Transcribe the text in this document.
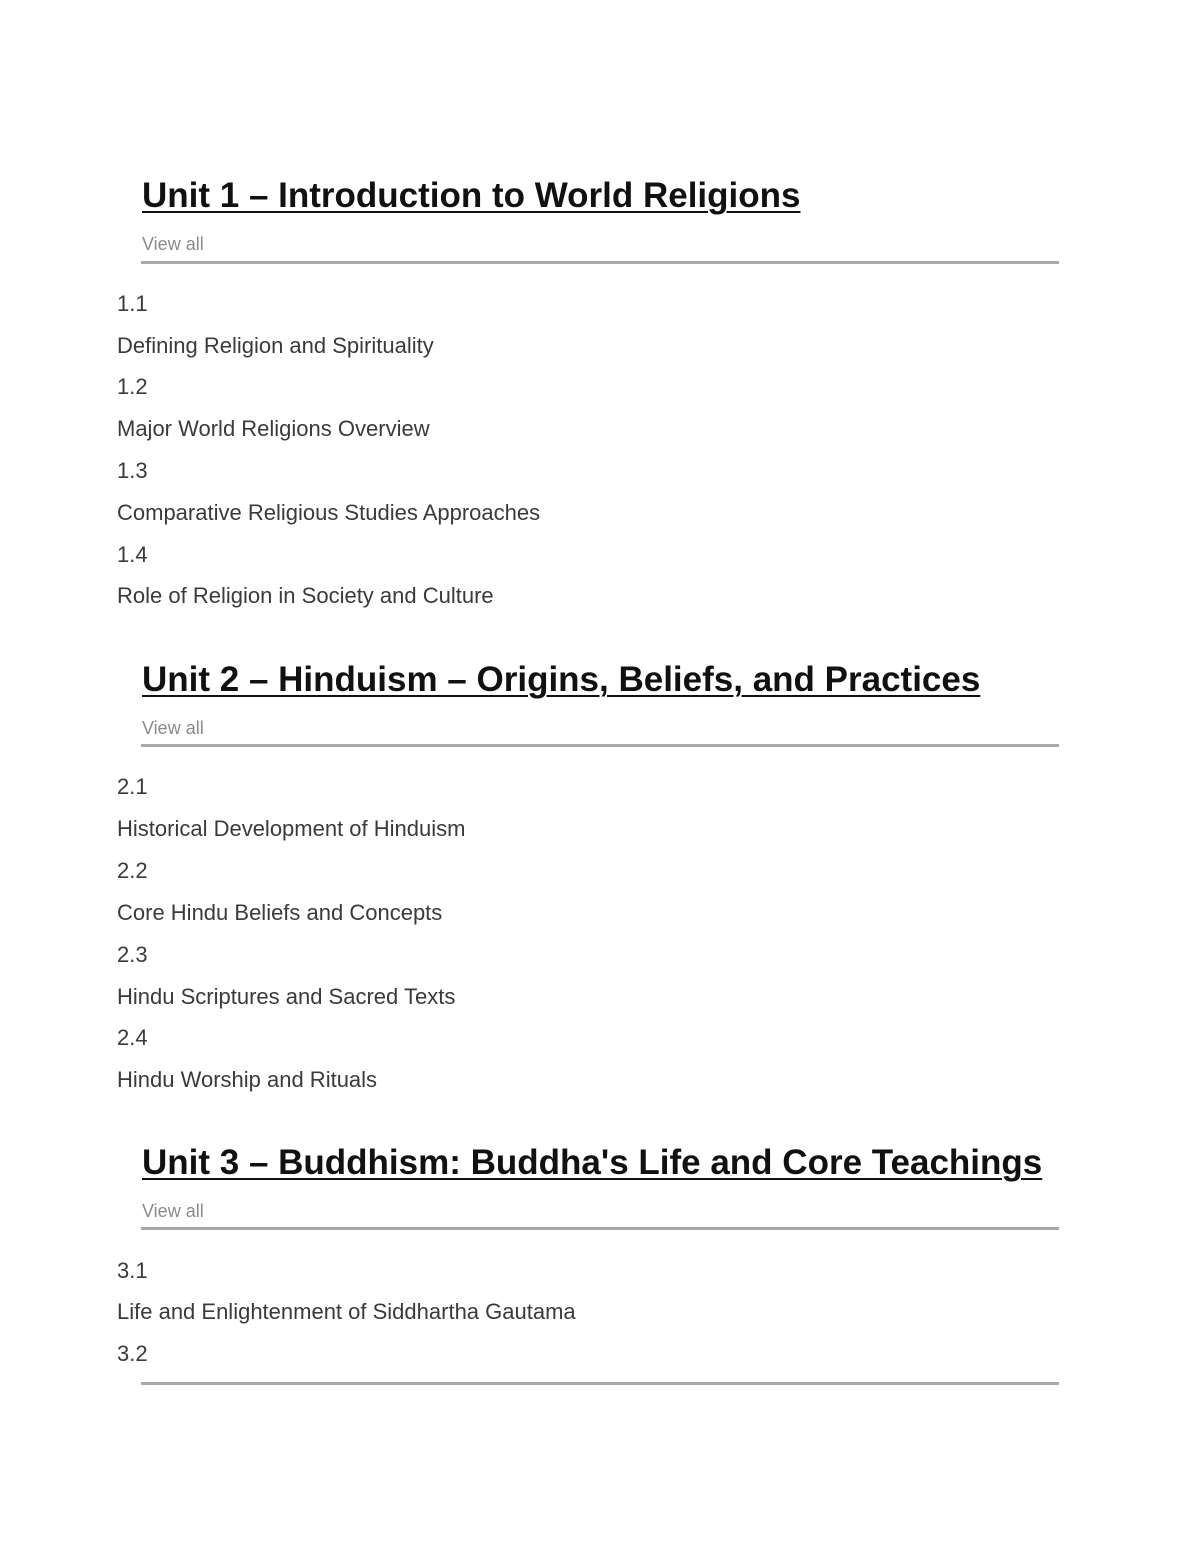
Unit 1 – Introduction to World Religions
View all
1.1
Defining Religion and Spirituality
1.2
Major World Religions Overview
1.3
Comparative Religious Studies Approaches
1.4
Role of Religion in Society and Culture
Unit 2 – Hinduism – Origins, Beliefs, and Practices
View all
2.1
Historical Development of Hinduism
2.2
Core Hindu Beliefs and Concepts
2.3
Hindu Scriptures and Sacred Texts
2.4
Hindu Worship and Rituals
Unit 3 – Buddhism: Buddha's Life and Core Teachings
View all
3.1
Life and Enlightenment of Siddhartha Gautama
3.2
